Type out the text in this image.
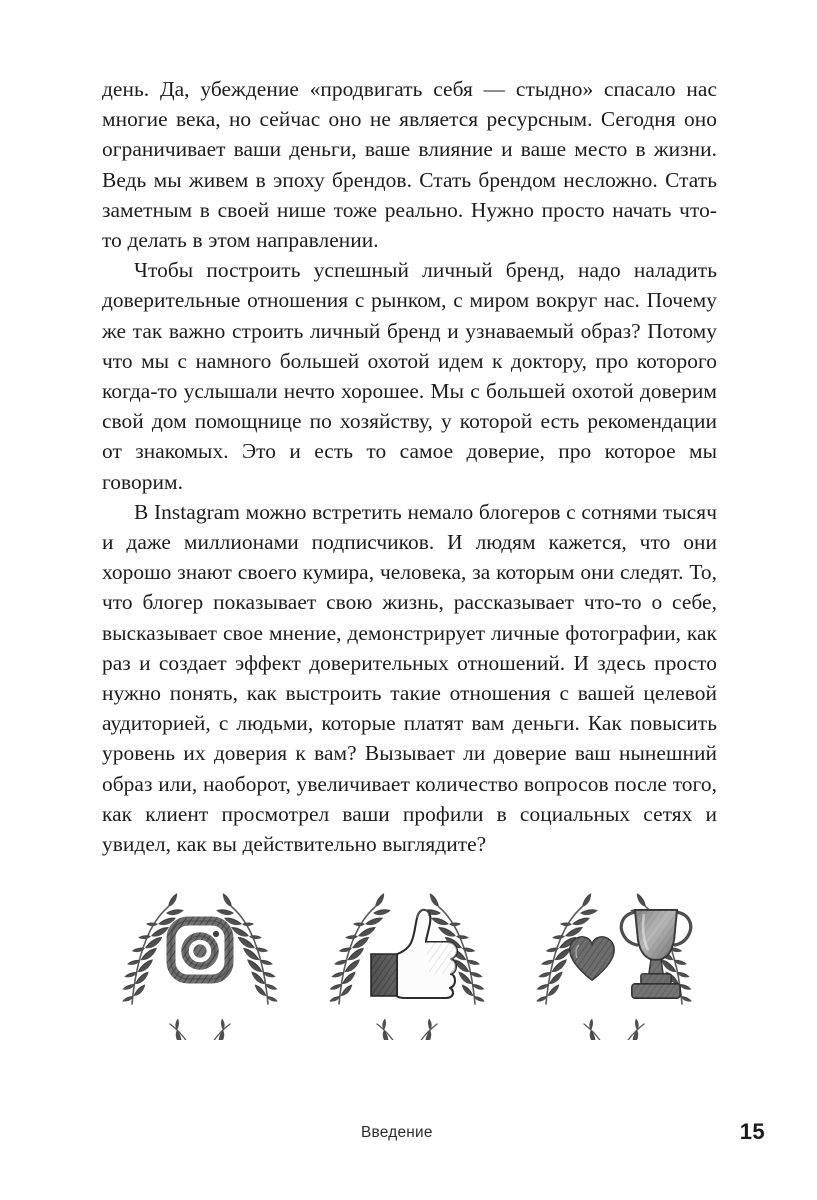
день. Да, убеждение «продвигать себя — стыдно» спасало нас многие века, но сейчас оно не является ресурсным. Сегодня оно ограничивает ваши деньги, ваше влияние и ваше место в жизни. Ведь мы живем в эпоху брендов. Стать брендом несложно. Стать заметным в своей нише тоже реально. Нужно просто начать что-то делать в этом направлении.

Чтобы построить успешный личный бренд, надо наладить доверительные отношения с рынком, с миром вокруг нас. Почему же так важно строить личный бренд и узнаваемый образ? Потому что мы с намного большей охотой идем к доктору, про которого когда-то услышали нечто хорошее. Мы с большей охотой доверим свой дом помощнице по хозяйству, у которой есть рекомендации от знакомых. Это и есть то самое доверие, про которое мы говорим.

В Instagram можно встретить немало блогеров с сотнями тысяч и даже миллионами подписчиков. И людям кажется, что они хорошо знают своего кумира, человека, за которым они следят. То, что блогер показывает свою жизнь, рассказывает что-то о себе, высказывает свое мнение, демонстрирует личные фотографии, как раз и создает эффект доверительных отношений. И здесь просто нужно понять, как выстроить такие отношения с вашей целевой аудиторией, с людьми, которые платят вам деньги. Как повысить уровень их доверия к вам? Вызывает ли доверие ваш нынешний образ или, наоборот, увеличивает количество вопросов после того, как клиент просмотрел ваши профили в социальных сетях и увидел, как вы действительно выглядите?

Введение	15
